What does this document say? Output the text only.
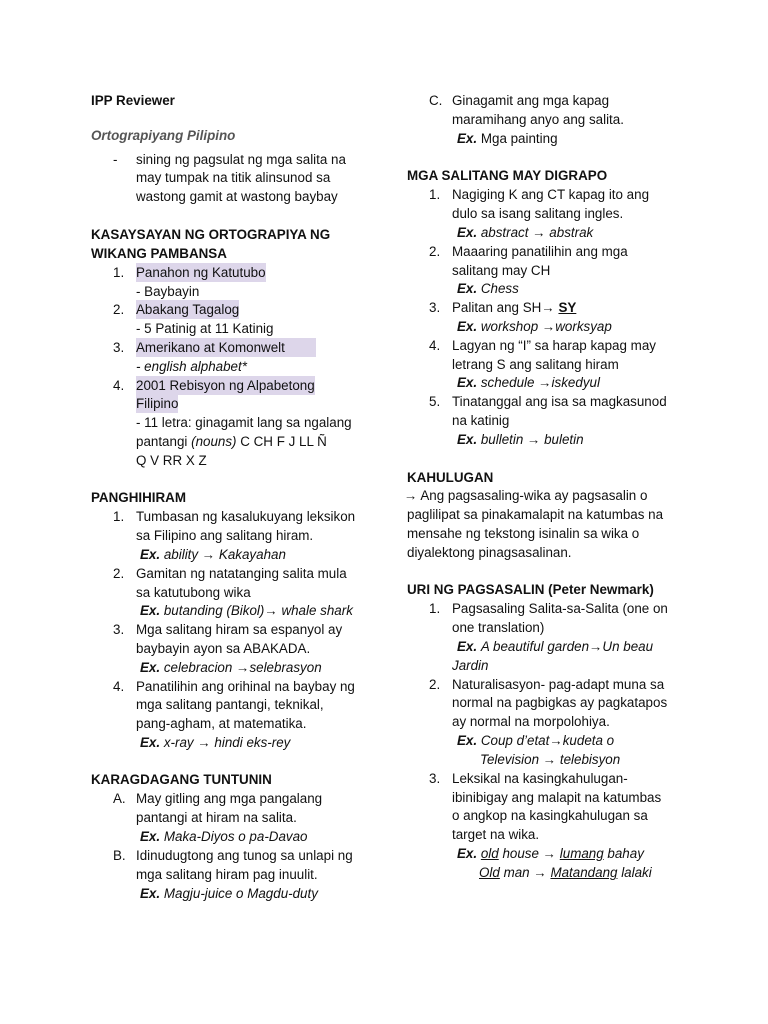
IPP Reviewer
Ortograpiyang Pilipino
- sining ng pagsulat ng mga salita na
may tumpak na titik alinsunod sa
wastong gamit at wastong baybay
KASAYSAYAN NG ORTOGRAPIYA NG
WIKANG PAMBANSA
1. Panahon ng Katutubo
- Baybayin
2. Abakang Tagalog
- 5 Patinig at 11 Katinig
3. Amerikano at Komonwelt
- english alphabet*
4. 2001 Rebisyon ng Alpabetong
Filipino
- 11 letra: ginagamit lang sa ngalang
pantangi (nouns) C CH F J LL Ñ
Q V RR X Z
PANGHIHIRAM
1. Tumbasan ng kasalukuyang leksikon
sa Filipino ang salitang hiram.
Ex. ability → Kakayahan
2. Gamitan ng natatanging salita mula
sa katutubong wika
Ex. butanding (Bikol)→ whale shark
3. Mga salitang hiram sa espanyol ay
baybayin ayon sa ABAKADA.
Ex. celebracion →selebrasyon
4. Panatilihin ang orihinal na baybay ng
mga salitang pantangi, teknikal,
pang-agham, at matematika.
Ex. x-ray → hindi eks-rey
KARAGDAGANG TUNTUNIN
A. May gitling ang mga pangalang
pantangi at hiram na salita.
Ex. Maka-Diyos o pa-Davao
B. Idinudugtong ang tunog sa unlapi ng
mga salitang hiram pag inuulit.
Ex. Magju-juice o Magdu-duty
C. Ginagamit ang mga kapag
maramihang anyo ang salita.
Ex. Mga painting
MGA SALITANG MAY DIGRAPO
1. Nagiging K ang CT kapag ito ang
dulo sa isang salitang ingles.
Ex. abstract → abstrak
2. Maaaring panatilihin ang mga
salitang may CH
Ex. Chess
3. Palitan ang SH→ SY
Ex. workshop →worksyap
4. Lagyan ng “I” sa harap kapag may
letrang S ang salitang hiram
Ex. schedule →iskedyul
5. Tinatanggal ang isa sa magkasunod
na katinig
Ex. bulletin → buletin
KAHULUGAN
→ Ang pagsasaling-wika ay pagsasalin o
paglilipat sa pinakamalapit na katumbas na
mensahe ng tekstong isinalin sa wika o
diyalektong pinagsasalinan.
URI NG PAGSASALIN (Peter Newmark)
1. Pagsasaling Salita-sa-Salita (one on
one translation)
Ex. A beautiful garden→Un beau
Jardin
2. Naturalisasyon- pag-adapt muna sa
normal na pagbigkas ay pagkatapos
ay normal na morpolohiya.
Ex. Coup d’etat→kudeta o
Television → telebisyon
3. Leksikal na kasingkahulugan-
ibinibigay ang malapit na katumbas
o angkop na kasingkahulugan sa
target na wika.
Ex. old house → lumang bahay
Old man → Matandang lalaki
